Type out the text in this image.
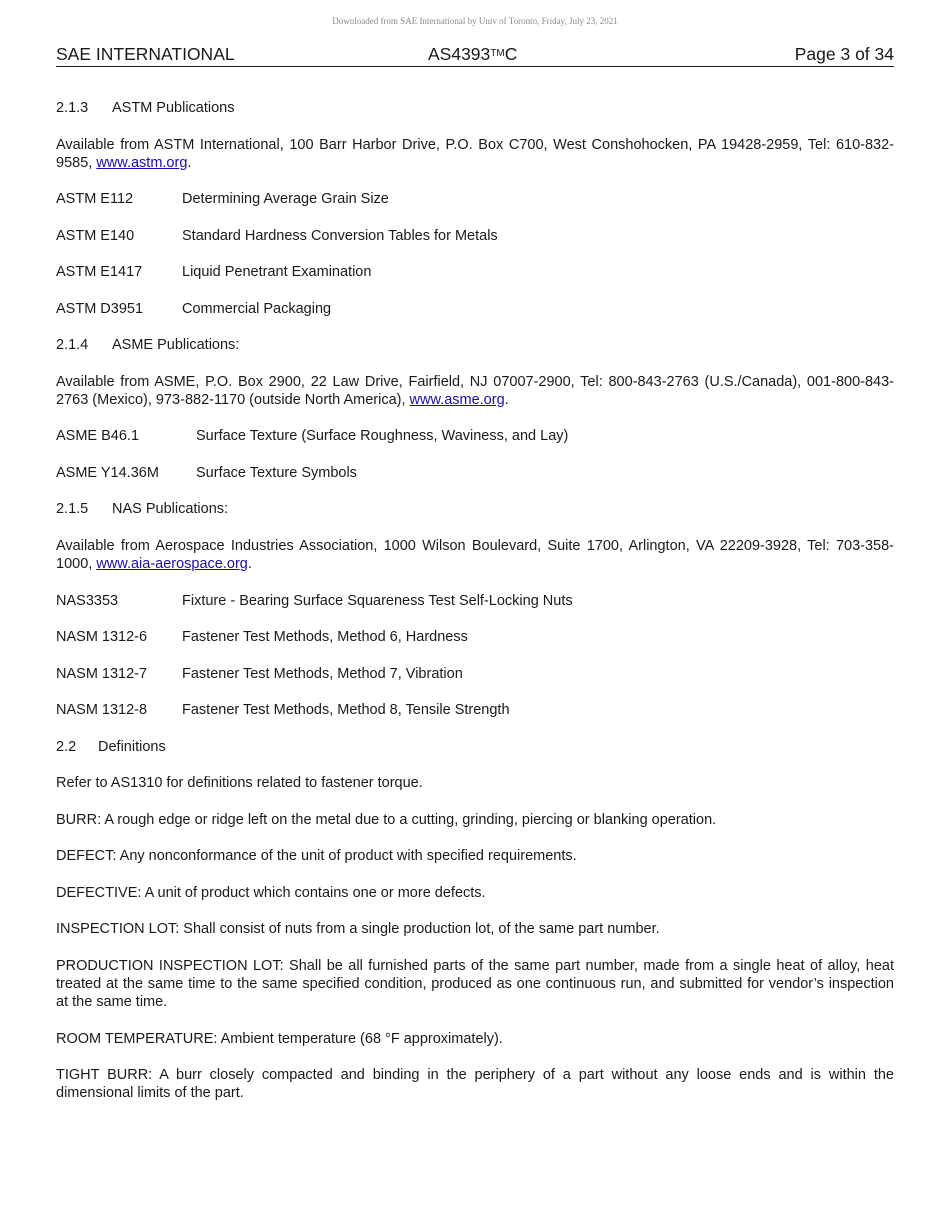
Downloaded from SAE International by Univ of Toronto, Friday, July 23, 2021
SAE INTERNATIONAL	AS4393™C	Page 3 of 34

2.1.3 ASTM Publications

Available from ASTM International, 100 Barr Harbor Drive, P.O. Box C700, West Conshohocken, PA 19428-2959, Tel: 610-832-9585, www.astm.org.

ASTM E112	Determining Average Grain Size
ASTM E140	Standard Hardness Conversion Tables for Metals
ASTM E1417	Liquid Penetrant Examination
ASTM D3951	Commercial Packaging

2.1.4 ASME Publications:

Available from ASME, P.O. Box 2900, 22 Law Drive, Fairfield, NJ 07007-2900, Tel: 800-843-2763 (U.S./Canada), 001-800-843-2763 (Mexico), 973-882-1170 (outside North America), www.asme.org.

ASME B46.1	Surface Texture (Surface Roughness, Waviness, and Lay)
ASME Y14.36M	Surface Texture Symbols

2.1.5 NAS Publications:

Available from Aerospace Industries Association, 1000 Wilson Boulevard, Suite 1700, Arlington, VA 22209-3928, Tel: 703-358-1000, www.aia-aerospace.org.

NAS3353	Fixture - Bearing Surface Squareness Test Self-Locking Nuts
NASM 1312-6	Fastener Test Methods, Method 6, Hardness
NASM 1312-7	Fastener Test Methods, Method 7, Vibration
NASM 1312-8	Fastener Test Methods, Method 8, Tensile Strength

2.2 Definitions

Refer to AS1310 for definitions related to fastener torque.

BURR: A rough edge or ridge left on the metal due to a cutting, grinding, piercing or blanking operation.

DEFECT: Any nonconformance of the unit of product with specified requirements.

DEFECTIVE: A unit of product which contains one or more defects.

INSPECTION LOT: Shall consist of nuts from a single production lot, of the same part number.

PRODUCTION INSPECTION LOT: Shall be all furnished parts of the same part number, made from a single heat of alloy, heat treated at the same time to the same specified condition, produced as one continuous run, and submitted for vendor’s inspection at the same time.

ROOM TEMPERATURE: Ambient temperature (68 °F approximately).

TIGHT BURR: A burr closely compacted and binding in the periphery of a part without any loose ends and is within the dimensional limits of the part.
